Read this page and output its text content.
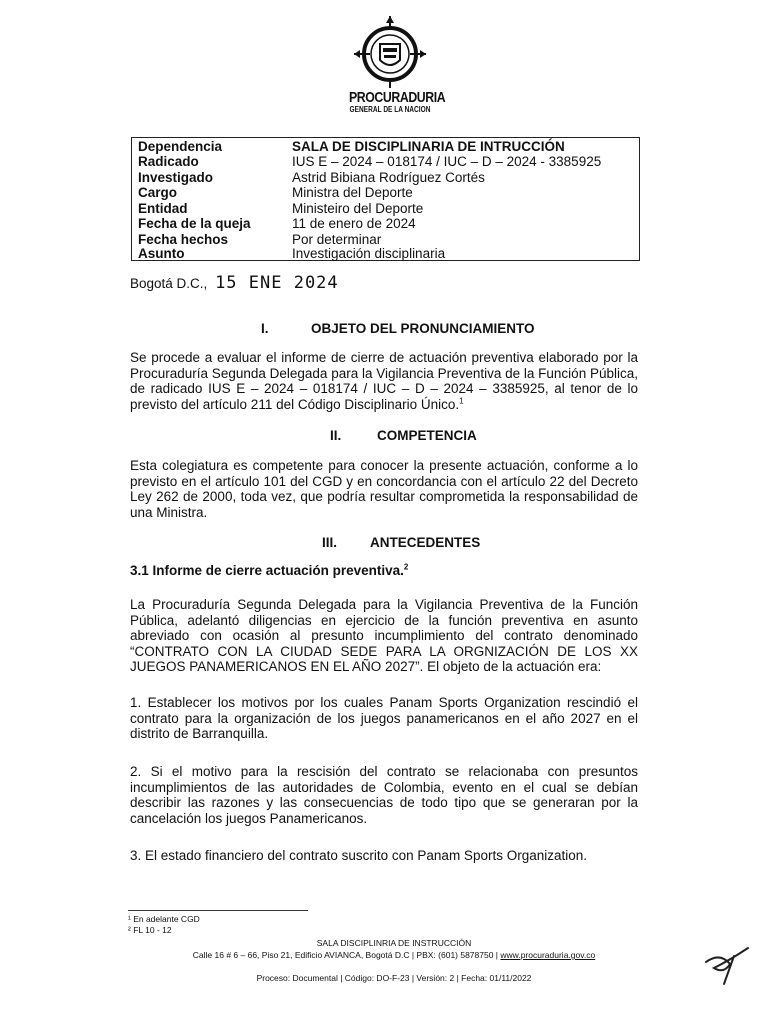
PROCURADURIA
GENERAL DE LA NACION
Dependencia	SALA DE DISCIPLINARIA DE INTRUCCIÓN
Radicado	IUS E – 2024 – 018174 / IUC – D – 2024 - 3385925
Investigado	Astrid Bibiana Rodríguez Cortés
Cargo	Ministra del Deporte
Entidad	Ministeiro del Deporte
Fecha de la queja	11 de enero de 2024
Fecha hechos	Por determinar
Asunto	Investigación disciplinaria
Bogotá D.C., 15 ENE 2024
I.	OBJETO DEL PRONUNCIAMIENTO
Se procede a evaluar el informe de cierre de actuación preventiva elaborado por la Procuraduría Segunda Delegada para la Vigilancia Preventiva de la Función Pública, de radicado IUS E – 2024 – 018174 / IUC – D – 2024 – 3385925, al tenor de lo previsto del artículo 211 del Código Disciplinario Único.$^1$
II.	COMPETENCIA
Esta colegiatura es competente para conocer la presente actuación, conforme a lo previsto en el artículo 101 del CGD y en concordancia con el artículo 22 del Decreto Ley 262 de 2000, toda vez, que podría resultar comprometida la responsabilidad de una Ministra.
III. ANTECEDENTES
3.1 Informe de cierre actuación preventiva.$^2$
La Procuraduría Segunda Delegada para la Vigilancia Preventiva de la Función Pública, adelantó diligencias en ejercicio de la función preventiva en asunto abreviado con ocasión al presunto incumplimiento del contrato denominado “CONTRATO CON LA CIUDAD SEDE PARA LA ORGNIZACIÓN DE LOS XX JUEGOS PANAMERICANOS EN EL AÑO 2027”. El objeto de la actuación era:
1. Establecer los motivos por los cuales Panam Sports Organization rescindió el contrato para la organización de los juegos panamericanos en el año 2027 en el distrito de Barranquilla.
2. Si el motivo para la rescisión del contrato se relacionaba con presuntos incumplimientos de las autoridades de Colombia, evento en el cual se debían describir las razones y las consecuencias de todo tipo que se generaran por la cancelación los juegos Panamericanos.
3. El estado financiero del contrato suscrito con Panam Sports Organization.
¹ En adelante CGD
² FL 10 - 12
SALA DISCIPLINRIA DE INSTRUCCIÓN
Calle 16 # 6 – 66, Piso 21, Edificio AVIANCA, Bogotá D.C | PBX: (601) 5878750 | www.procuraduria.gov.co
Proceso: Documental | Código: DO-F-23 | Versión: 2 | Fecha: 01/11/2022
